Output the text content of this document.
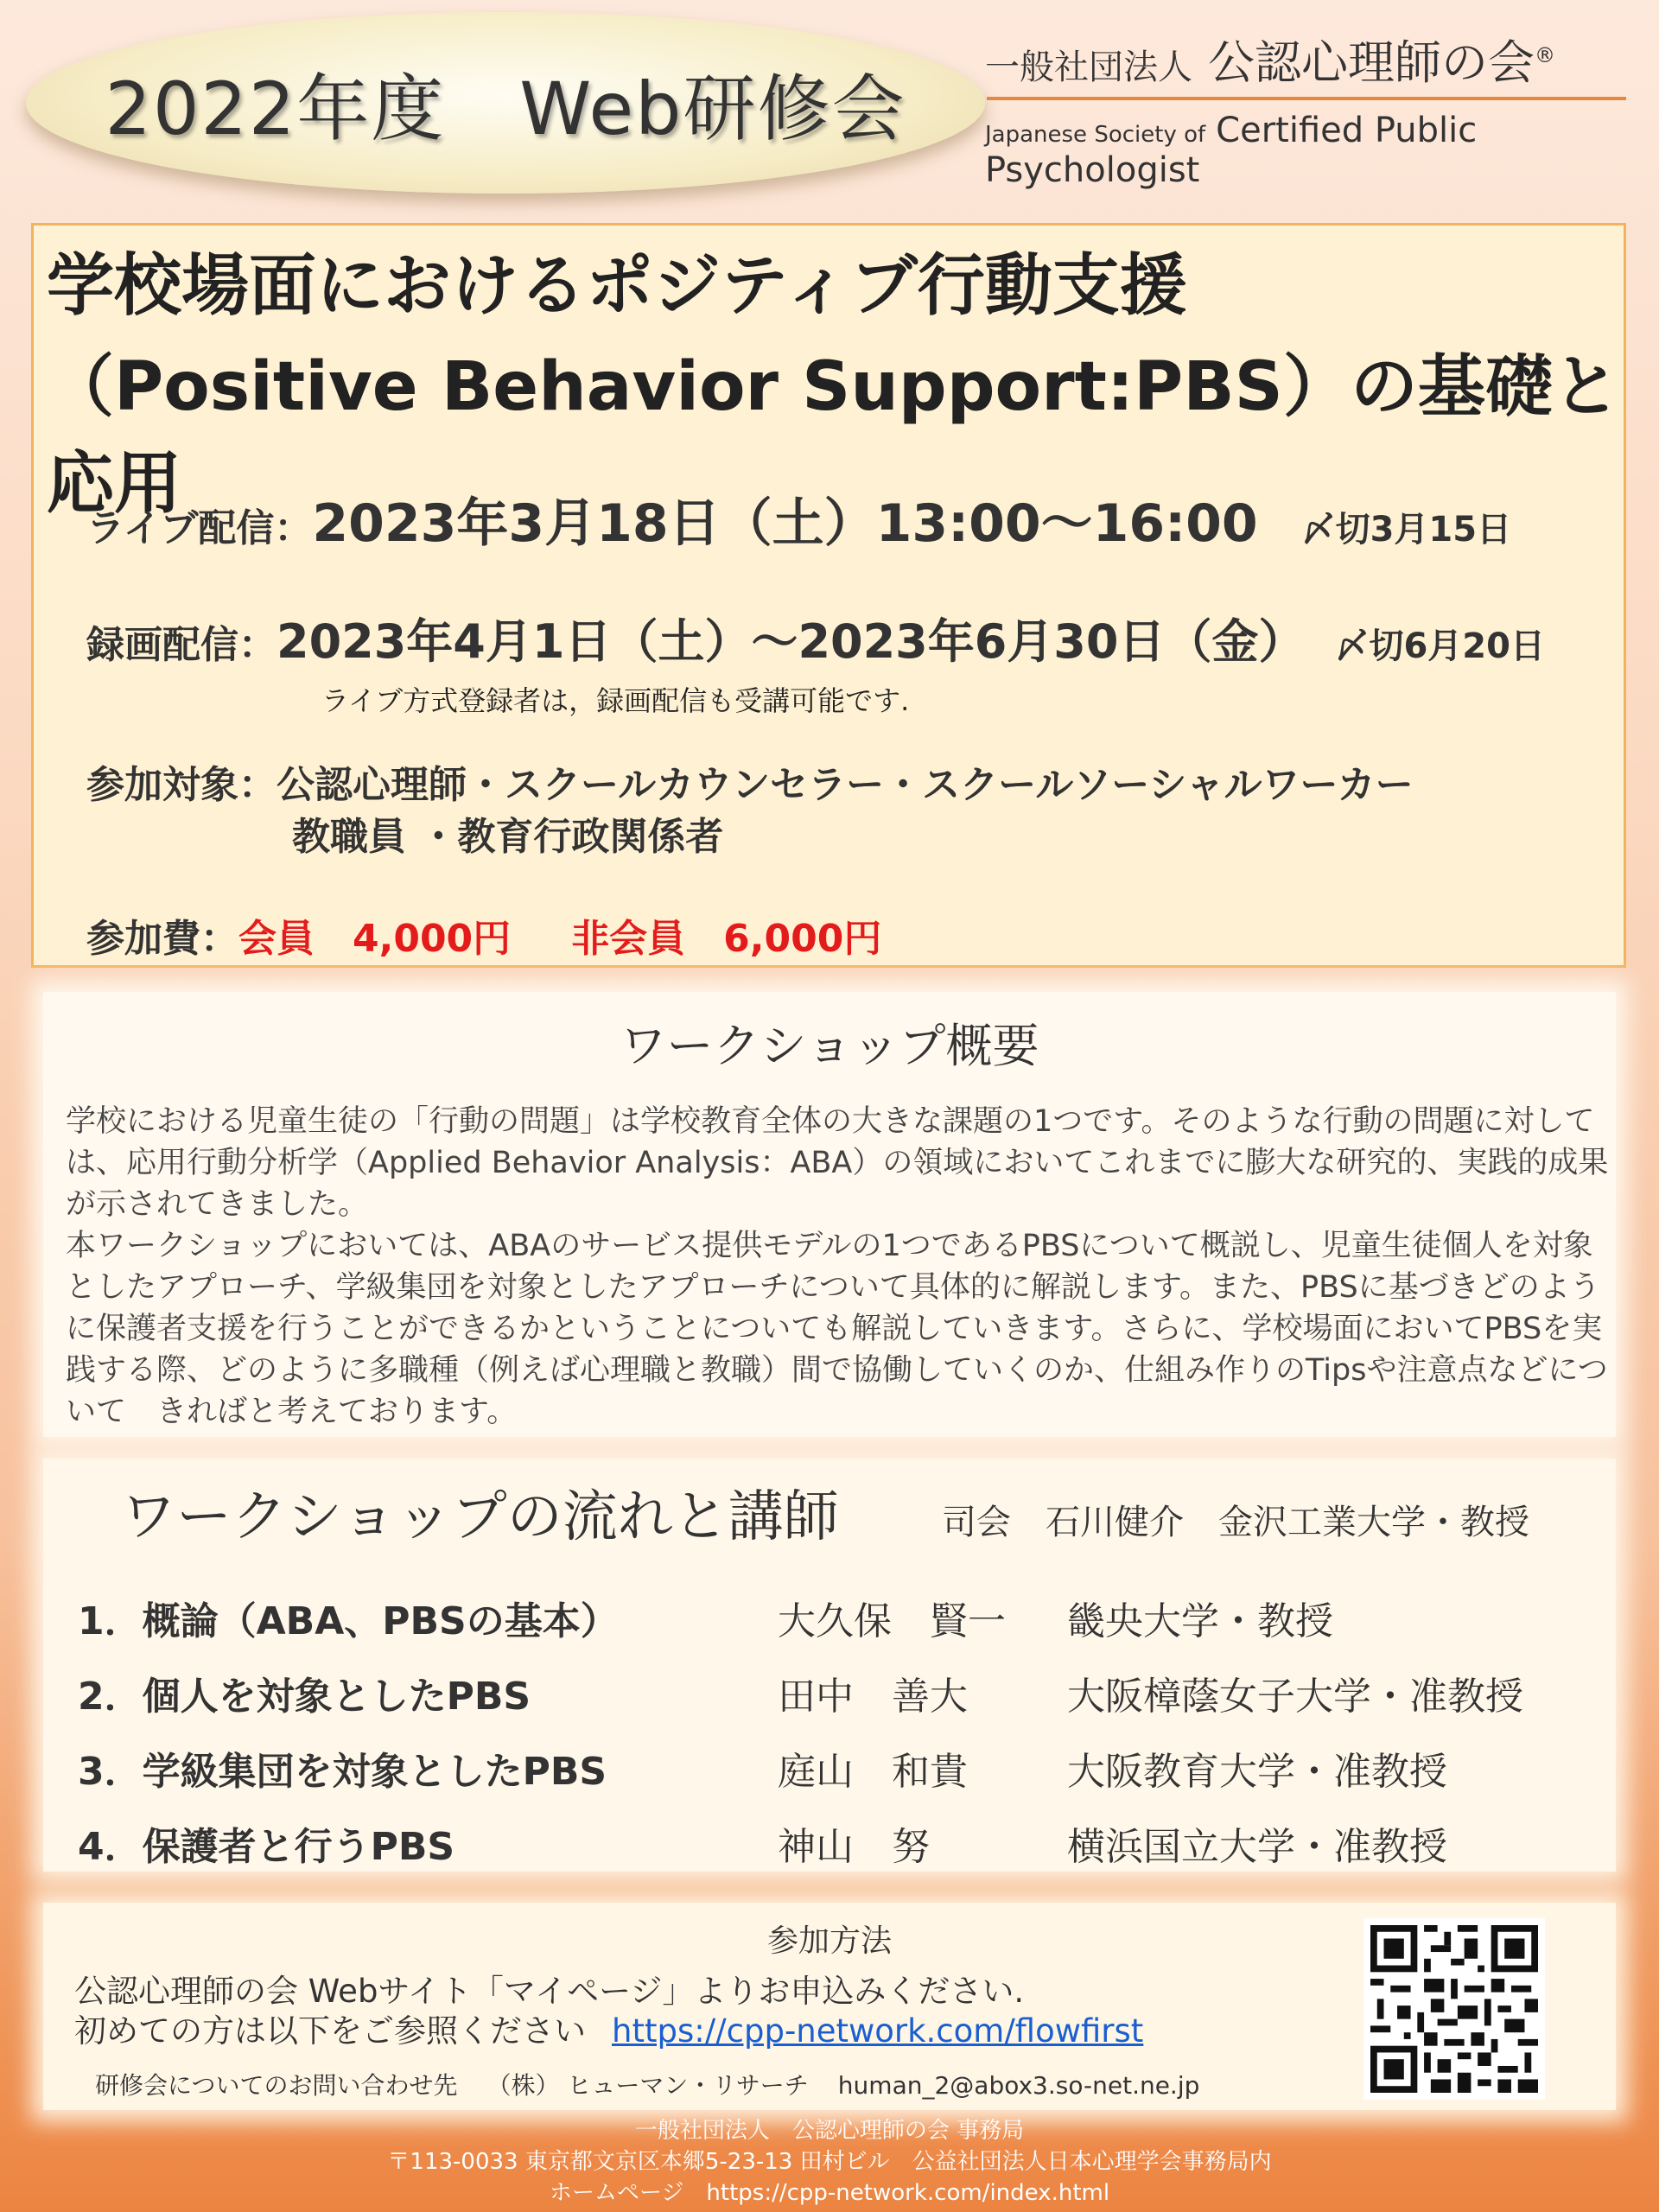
2022年度　Web研修会 一般社団法人 公認心理師の会®
Japanese Society of Certified Public Psychologist
学校場面におけるポジティブ行動支援
（Positive Behavior Support:PBS）の基礎と応用
ライブ配信：2023年3月18日（土）13:00～16:00 〆切3月15日
録画配信：2023年4月1日（土）～2023年6月30日（金） 〆切6月20日
ライブ方式登録者は，録画配信も受講可能です.
参加対象：公認心理師・スクールカウンセラー・スクールソーシャルワーカー
教職員 ・教育行政関係者
参加費：会員　4,000円 非会員　6,000円
ワークショップ概要

学校における児童生徒の「行動の問題」は学校教育全体の大きな課題の1つです。そのような行動の問題に対しては、応用行動分析学（Applied Behavior Analysis：ABA）の領域においてこれまでに膨大な研究的、実践的成果が示されてきました。

本ワークショップにおいては、ABAのサービス提供モデルの1つであるPBSについて概説し、児童生徒個人を対象としたアプローチ、学級集団を対象としたアプローチについて具体的に解説します。また、PBSに基づきどのように保護者支援を行うことができるかということについても解説していきます。さらに、学校場面においてPBSを実践する際、どのように多職種（例えば心理職と教職）間で協働していくのか、仕組み作りのTipsや注意点などについて　きればと考えております。

ワークショップの流れと講師	司会　石川健介　金沢工業大学・教授
1．概論（ABA、PBSの基本）	大久保　賢一 畿央大学・教授
2．個人を対象としたPBS	田中　善大	大阪樟蔭女子大学・准教授
3．学級集団を対象としたPBS	庭山　和貴	大阪教育大学・准教授
4．保護者と行うPBS	神山　努	横浜国立大学・准教授
参加方法
公認心理師の会 Webサイト「マイページ」よりお申込みください.
初めての方は以下をご参照ください https://cpp-network.com/flowfirst
研修会についてのお問い合わせ先 （株） ヒューマン・リサーチ human_2@abox3.so-net.ne.jp
一般社団法人　公認心理師の会 事務局
〒113-0033 東京都文京区本郷5-23-13 田村ビル　公益社団法人日本心理学会事務局内
ホームページ　https://cpp-network.com/index.html
